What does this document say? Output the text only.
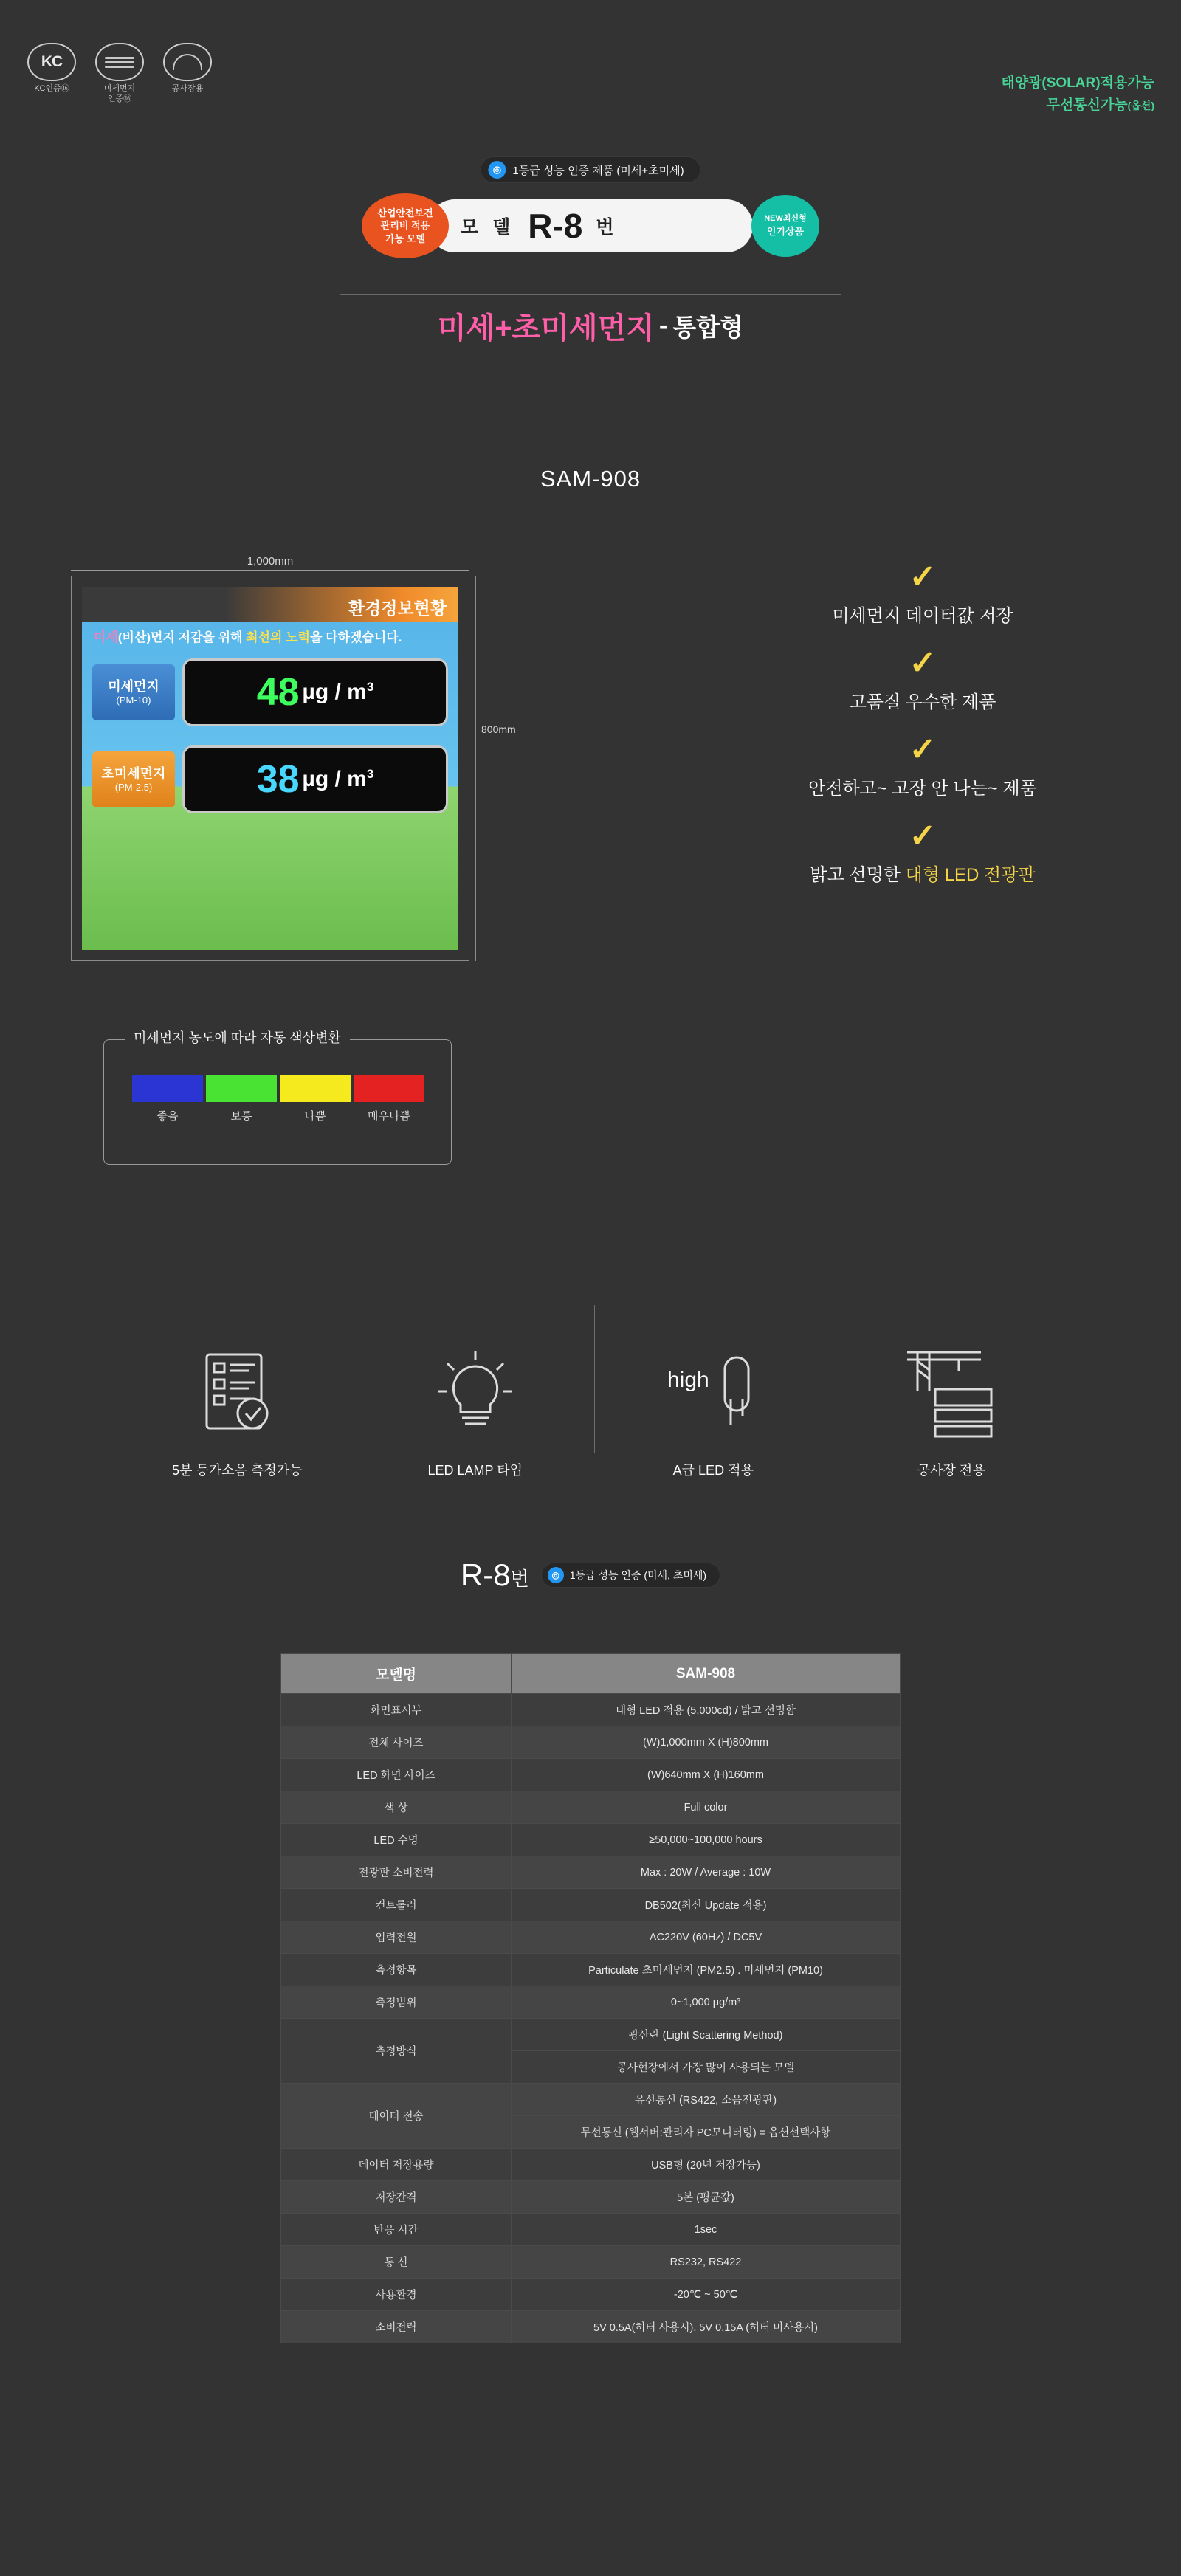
KC
KC인증⑯	미세먼지
인증⑯
공사장용	태양광(SOLAR)적용가능
무선통신가능(옵션)
◎	1등급 성능 인증 제품 (미세+초미세)
모 델 R-8 번
산업안전보건
관리비 적용
가능 모델
NEW최신형
인기상품
미세+초미세먼지 - 통합형
SAM-908
1,000mm
환경정보현황
미세(비산)먼지 저감을 위해 최선의 노력을 다하겠습니다.
미세먼지
(PM-10)	48 µg / $m^3$
초미세먼지
(PM-2.5)	38 µg / $m^3$
800mm
미세먼지 농도에 따라 자동 색상변환
좋음	보통	나쁨	매우나쁨
✓
미세먼지 데이터값 저장
✓
고품질 우수한 제품
✓
안전하고~ 고장 안 나는~ 제품
✓
밝고 선명한 대형 LED 전광판
5분 등가소음 측정가능	LED LAMP 타입
high
A급 LED 적용	공사장 전용
R-8번	◎ 1등급 성능 인증 (미세, 초미세)
모델명	SAM-908
화면표시부	대형 LED 적용 (5,000cd) / 밝고 선명함
전체 사이즈	(W)1,000mm X (H)800mm
LED 화면 사이즈	(W)640mm X (H)160mm
색 상	Full color
LED 수명	≥50,000~100,000 hours
전광판 소비전력	Max : 20W / Average : 10W
컨트롤러	DB502(최신 Update 적용)
입력전원	AC220V (60Hz) / DC5V
측정항목	Particulate 초미세먼지 (PM2.5) . 미세먼지 (PM10)
측정범위	0~1,000 μg/m³
측정방식	광산란 (Light Scattering Method)
	공사현장에서 가장 많이 사용되는 모델
데이터 전송	유선통신 (RS422, 소음전광판)
	무선통신 (웹서버:관리자 PC모니터링) = 옵션선택사항
데이터 저장용량	USB형 (20년 저장가능)
저장간격	5본 (평균값)
반응 시간	1sec
통 신	RS232, RS422
사용환경	-20℃ ~ 50℃
소비전력	5V 0.5A(히터 사용시), 5V 0.15A (히터 미사용시)
